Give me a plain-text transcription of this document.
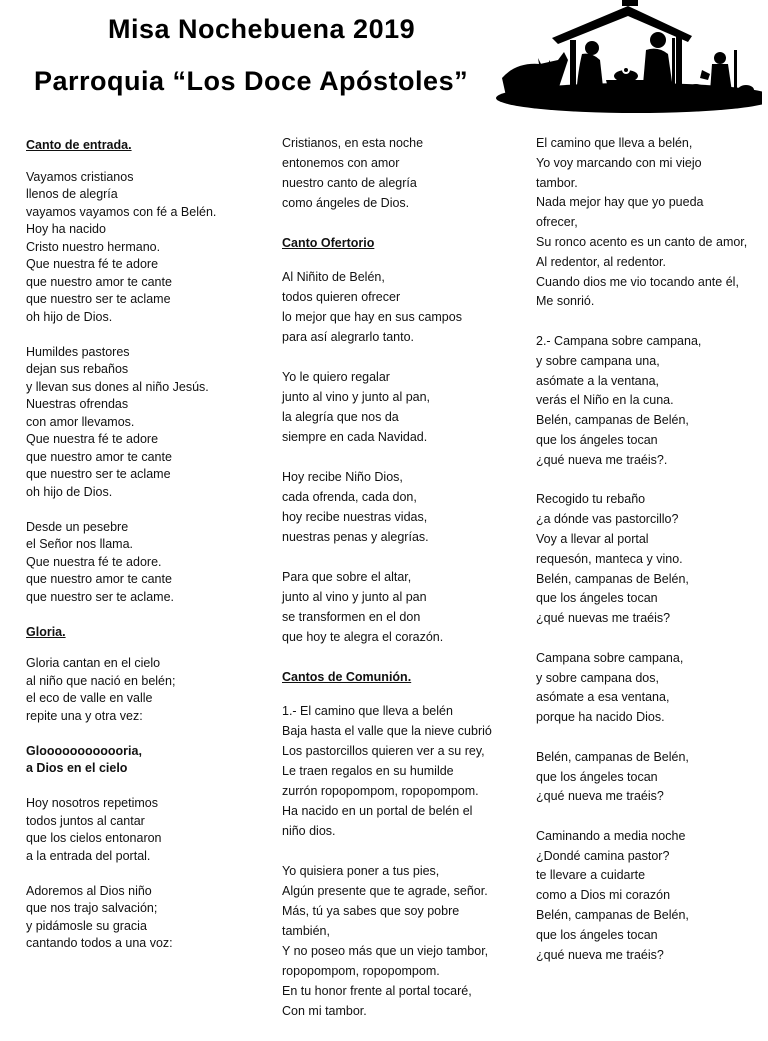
Misa Nochebuena 2019
Parroquia “Los Doce Apóstoles”
Canto de entrada.
Vayamos cristianos
llenos de alegría
vayamos vayamos con fé a Belén.
Hoy ha nacido
Cristo nuestro hermano.
Que nuestra fé te adore
que nuestro amor te cante
que nuestro ser te aclame
oh hijo de Dios.
Humildes pastores
dejan sus rebaños
y llevan sus dones al niño Jesús.
Nuestras ofrendas
con amor llevamos.
Que nuestra fé te adore
que nuestro amor te cante
que nuestro ser te aclame
oh hijo de Dios.
Desde un pesebre
el Señor nos llama.
Que nuestra fé te adore.
que nuestro amor te cante
que nuestro ser te aclame.
Gloria.
Gloria cantan en el cielo
al niño que nació en belén;
el eco de valle en valle
repite una y otra vez:
Gloooooooooooria,
a Dios en el cielo
Hoy nosotros repetimos
todos juntos al cantar
que los cielos entonaron
a la entrada del portal.
Adoremos al Dios niño
que nos trajo salvación;
y pidámosle su gracia
cantando todos a una voz:
Cristianos, en esta noche
entonemos con amor
nuestro canto de alegría
como ángeles de Dios.
Canto Ofertorio
Al Niñito de Belén,
todos quieren ofrecer
lo mejor que hay en sus campos
para así alegrarlo tanto.
Yo le quiero regalar
junto al vino y junto al pan,
la alegría que nos da
siempre en cada Navidad.
Hoy recibe Niño Dios,
cada ofrenda, cada don,
hoy recibe nuestras vidas,
nuestras penas y alegrías.
Para que sobre el altar,
junto al vino y junto al pan
se transformen en el don
que hoy te alegra el corazón.
Cantos de Comunión.
1.- El camino que lleva a belén
Baja hasta el valle que la nieve cubrió
Los pastorcillos quieren ver a su rey,
Le traen regalos en su humilde
zurrón ropopompom, ropopompom.
Ha nacido en un portal de belén el
niño dios.
Yo quisiera poner a tus pies,
Algún presente que te agrade, señor.
Más, tú ya sabes que soy pobre
también,
Y no poseo más que un viejo tambor,
ropopompom, ropopompom.
En tu honor frente al portal tocaré,
Con mi tambor.
El camino que lleva a belén,
Yo voy marcando con mi viejo
tambor.
Nada mejor hay que yo pueda
ofrecer,
Su ronco acento es un canto de amor,
Al redentor, al redentor.
Cuando dios me vio tocando ante él,
Me sonrió.
2.- Campana sobre campana,
y sobre campana una,
asómate a la ventana,
verás el Niño en la cuna.
Belén, campanas de Belén,
que los ángeles tocan
¿qué nueva me traéis?.
Recogido tu rebaño
¿a dónde vas pastorcillo?
Voy a llevar al portal
requesón, manteca y vino.
Belén, campanas de Belén,
que los ángeles tocan
¿qué nuevas me traéis?
Campana sobre campana,
y sobre campana dos,
asómate a esa ventana,
porque ha nacido Dios.
Belén, campanas de Belén,
que los ángeles tocan
¿qué nueva me traéis?
Caminando a media noche
¿Dondé camina pastor?
te llevare a cuidarte
como a Dios mi corazón
Belén, campanas de Belén,
que los ángeles tocan
¿qué nueva me traéis?
